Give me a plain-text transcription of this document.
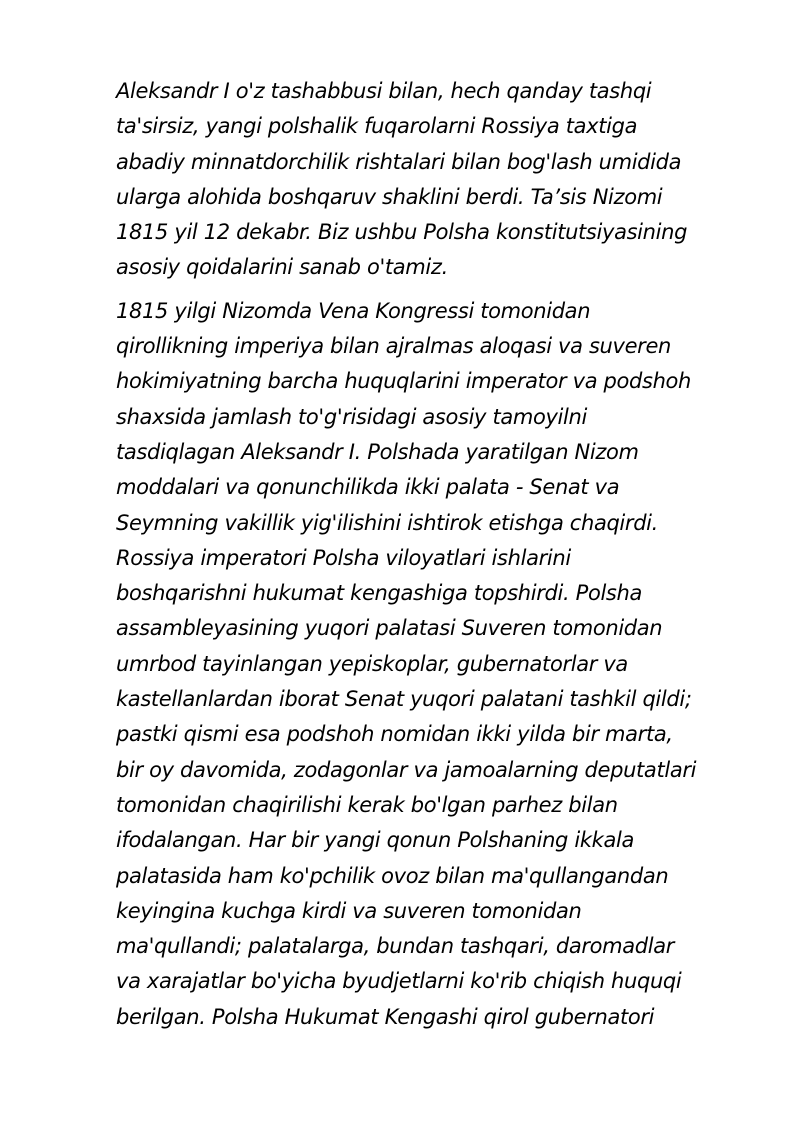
Aleksandr I o'z tashabbusi bilan, hech qanday tashqi
ta'sirsiz, yangi polshalik fuqarolarni Rossiya taxtiga
abadiy minnatdorchilik rishtalari bilan bog'lash umidida
ularga alohida boshqaruv shaklini berdi. Ta’sis Nizomi
1815 yil 12 dekabr. Biz ushbu Polsha konstitutsiyasining
asosiy qoidalarini sanab o'tamiz.

1815 yilgi Nizomda Vena Kongressi tomonidan
qirollikning imperiya bilan ajralmas aloqasi va suveren
hokimiyatning barcha huquqlarini imperator va podshoh
shaxsida jamlash to'g'risidagi asosiy tamoyilni
tasdiqlagan Aleksandr I. Polshada yaratilgan Nizom
moddalari va qonunchilikda ikki palata - Senat va
Seymning vakillik yig'ilishini ishtirok etishga chaqirdi.
Rossiya imperatori Polsha viloyatlari ishlarini
boshqarishni hukumat kengashiga topshirdi. Polsha
assambleyasining yuqori palatasi Suveren tomonidan
umrbod tayinlangan yepiskoplar, gubernatorlar va
kastellanlardan iborat Senat yuqori palatani tashkil qildi;
pastki qismi esa podshoh nomidan ikki yilda bir marta,
bir oy davomida, zodagonlar va jamoalarning deputatlari
tomonidan chaqirilishi kerak bo'lgan parhez bilan
ifodalangan. Har bir yangi qonun Polshaning ikkala
palatasida ham ko'pchilik ovoz bilan ma'qullangandan
keyingina kuchga kirdi va suveren tomonidan
ma'qullandi; palatalarga, bundan tashqari, daromadlar
va xarajatlar bo'yicha byudjetlarni ko'rib chiqish huquqi
berilgan. Polsha Hukumat Kengashi qirol gubernatori
